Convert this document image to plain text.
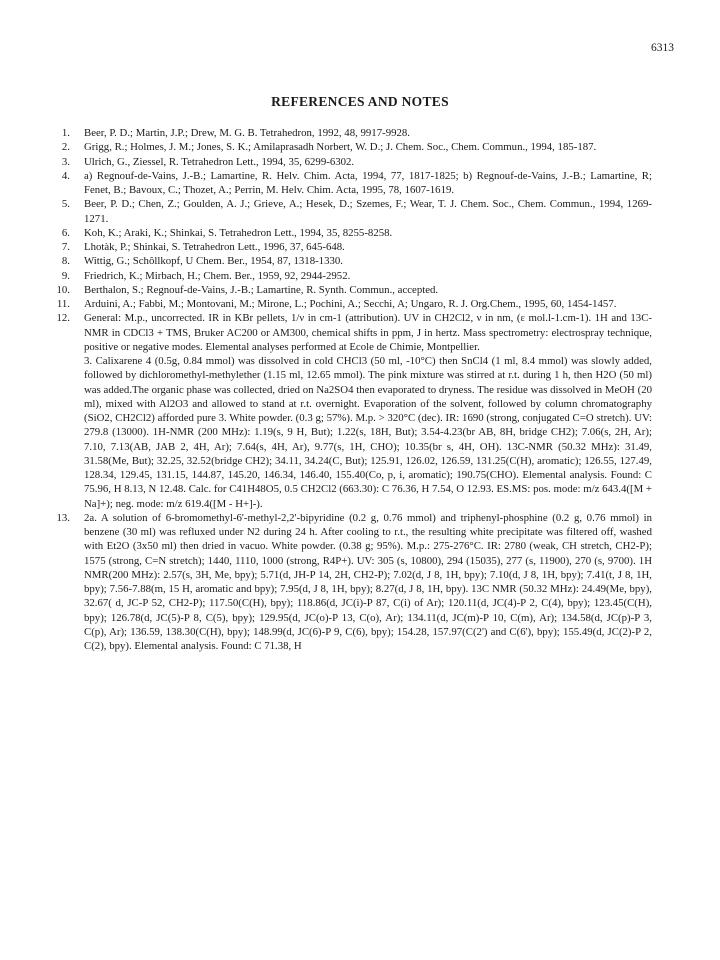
6313
REFERENCES AND NOTES
1.	Beer, P. D.; Martin, J.P.; Drew, M. G. B. Tetrahedron, 1992, 48, 9917-9928.
2.	Grigg, R.; Holmes, J. M.; Jones, S. K.; Amilaprasadh Norbert, W. D.; J. Chem. Soc., Chem. Commun., 1994, 185-187.
3.	Ulrich, G., Ziessel, R. Tetrahedron Lett., 1994, 35, 6299-6302.
4.	a) Regnouf-de-Vains, J.-B.; Lamartine, R. Helv. Chim. Acta, 1994, 77, 1817-1825; b) Regnouf-de-Vains, J.-B.; Lamartine, R; Fenet, B.; Bavoux, C.; Thozet, A.; Perrin, M. Helv. Chim. Acta, 1995, 78, 1607-1619.
5.	Beer, P. D.; Chen, Z.; Goulden, A. J.; Grieve, A.; Hesek, D.; Szemes, F.; Wear, T. J. Chem. Soc., Chem. Commun., 1994, 1269-1271.
6.	Koh, K.; Araki, K.; Shinkai, S. Tetrahedron Lett., 1994, 35, 8255-8258.
7.	Lhotàk, P.; Shinkai, S. Tetrahedron Lett., 1996, 37, 645-648.
8.	Wittig, G.; Schôllkopf, U Chem. Ber., 1954, 87, 1318-1330.
9.	Friedrich, K.; Mirbach, H.; Chem. Ber., 1959, 92, 2944-2952.
10.	Berthalon, S.; Regnouf-de-Vains, J.-B.; Lamartine, R. Synth. Commun., accepted.
11.	Arduini, A.; Fabbi, M.; Montovani, M.; Mirone, L.; Pochini, A.; Secchi, A; Ungaro, R. J. Org.Chem., 1995, 60, 1454-1457.
12.	General: M.p., uncorrected. IR in KBr pellets, 1/ν in cm-1 (attribution). UV in CH2Cl2, ν in nm, (ε mol.l-1.cm-1). 1H and 13C-NMR in CDCl3 + TMS, Bruker AC200 or AM300, chemical shifts in ppm, J in hertz. Mass spectrometry: electrospray technique, positive or negative modes. Elemental analyses performed at Ecole de Chimie, Montpellier.

3. Calixarene 4 (0.5g, 0.84 mmol) was dissolved in cold CHCl3 (50 ml, -10°C) then SnCl4 (1 ml, 8.4 mmol) was slowly added, followed by dichloromethyl-methylether (1.15 ml, 12.65 mmol). The pink mixture was stirred at r.t. during 1 h, then H2O (50 ml) was added.The organic phase was collected, dried on Na2SO4 then evaporated to dryness. The residue was dissolved in MeOH (20 ml), mixed with Al2O3 and allowed to stand at r.t. overnight. Evaporation of the solvent, followed by column chromatography (SiO2, CH2Cl2) afforded pure 3. White powder. (0.3 g; 57%). M.p. > 320°C (dec). IR: 1690 (strong, conjugated C=O stretch). UV: 279.8 (13000). 1H-NMR (200 MHz): 1.19(s, 9 H, But); 1.22(s, 18H, But); 3.54-4.23(br AB, 8H, bridge CH2); 7.06(s, 2H, Ar); 7.10, 7.13(AB, JAB 2, 4H, Ar); 7.64(s, 4H, Ar), 9.77(s, 1H, CHO); 10.35(br s, 4H, OH). 13C-NMR (50.32 MHz): 31.49, 31.58(Me, But); 32.25, 32.52(bridge CH2); 34.11, 34.24(C, But); 125.91, 126.02, 126.59, 131.25(C(H), aromatic); 126.55, 127.49, 128.34, 129.45, 131.15, 144.87, 145.20, 146.34, 146.40, 155.40(Co, p, i, aromatic); 190.75(CHO). Elemental analysis. Found: C 75.96, H 8.13, N 12.48. Calc. for C41H48O5, 0.5 CH2Cl2 (663.30): C 76.36, H 7.54, O 12.93. ES.MS: pos. mode: m/z 643.4([M + Na]+); neg. mode: m/z 619.4([M - H+]-).

13.	2a. A solution of 6-bromomethyl-6'-methyl-2,2'-bipyridine (0.2 g, 0.76 mmol) and triphenyl-phosphine (0.2 g, 0.76 mmol) in benzene (30 ml) was refluxed under N2 during 24 h. After cooling to r.t., the resulting white precipitate was filtered off, washed with Et2O (3x50 ml) then dried in vacuo. White powder. (0.38 g; 95%). M.p.: 275-276°C. IR: 2780 (weak, CH stretch, CH2-P); 1575 (strong, C=N stretch); 1440, 1110, 1000 (strong, R4P+). UV: 305 (s, 10800), 294 (15035), 277 (s, 11900), 270 (s, 9700). 1H NMR(200 MHz): 2.57(s, 3H, Me, bpy); 5.71(d, JH-P 14, 2H, CH2-P); 7.02(d, J 8, 1H, bpy); 7.10(d, J 8, 1H, bpy); 7.41(t, J 8, 1H, bpy); 7.56-7.88(m, 15 H, aromatic and bpy); 7.95(d, J 8, 1H, bpy); 8.27(d, J 8, 1H, bpy). 13C NMR (50.32 MHz): 24.49(Me, bpy), 32.67( d, JC-P 52, CH2-P); 117.50(C(H), bpy); 118.86(d, JC(i)-P 87, C(i) of Ar); 120.11(d, JC(4)-P 2, C(4), bpy); 123.45(C(H), bpy); 126.78(d, JC(5)-P 8, C(5), bpy); 129.95(d, JC(o)-P 13, C(o), Ar); 134.11(d, JC(m)-P 10, C(m), Ar); 134.58(d, JC(p)-P 3, C(p), Ar); 136.59, 138.30(C(H), bpy); 148.99(d, JC(6)-P 9, C(6), bpy); 154.28, 157.97(C(2') and C(6'), bpy); 155.49(d, JC(2)-P 2, C(2), bpy). Elemental analysis. Found: C 71.38, H
